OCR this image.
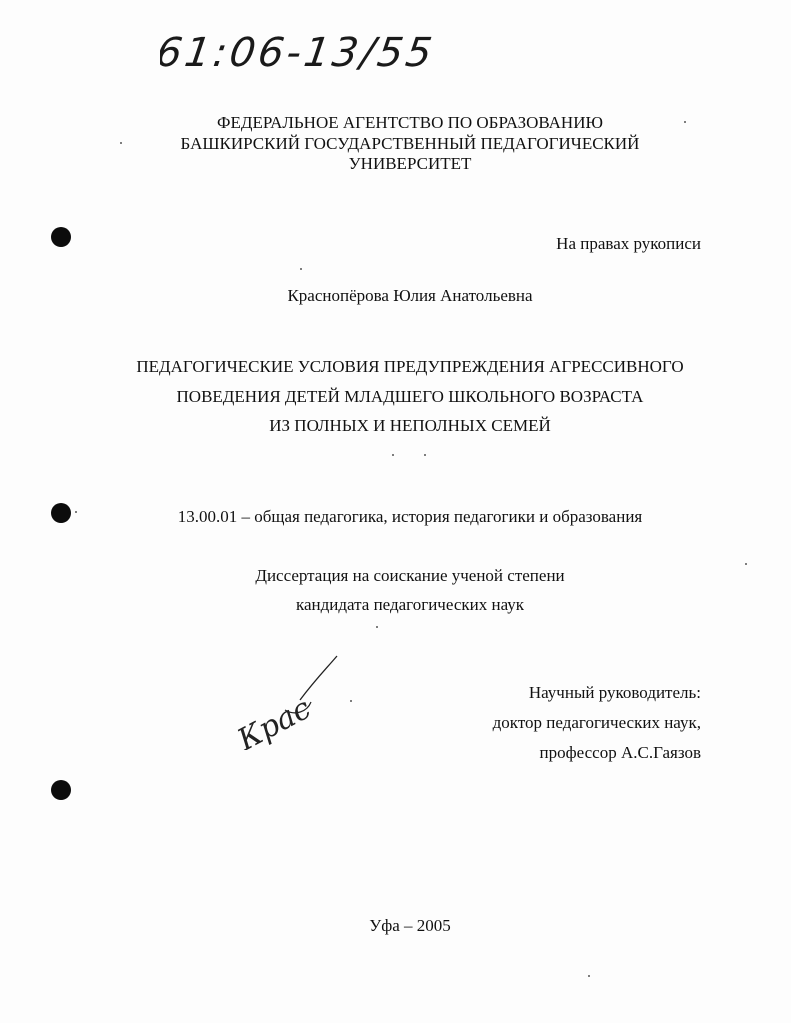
61:06-13/55
ФЕДЕРАЛЬНОЕ АГЕНТСТВО ПО ОБРАЗОВАНИЮ
БАШКИРСКИЙ ГОСУДАРСТВЕННЫЙ ПЕДАГОГИЧЕСКИЙ
УНИВЕРСИТЕТ
На правах рукописи
Краснопёрова Юлия Анатольевна
ПЕДАГОГИЧЕСКИЕ УСЛОВИЯ ПРЕДУПРЕЖДЕНИЯ АГРЕССИВНОГО
ПОВЕДЕНИЯ ДЕТЕЙ МЛАДШЕГО ШКОЛЬНОГО ВОЗРАСТА
ИЗ ПОЛНЫХ И НЕПОЛНЫХ СЕМЕЙ
13.00.01 – общая педагогика, история педагогики и образования
Диссертация на соискание ученой степени
кандидата педагогических наук
Научный руководитель:
доктор педагогических наук,
профессор А.С.Гаязов
Крас
Уфа – 2005
